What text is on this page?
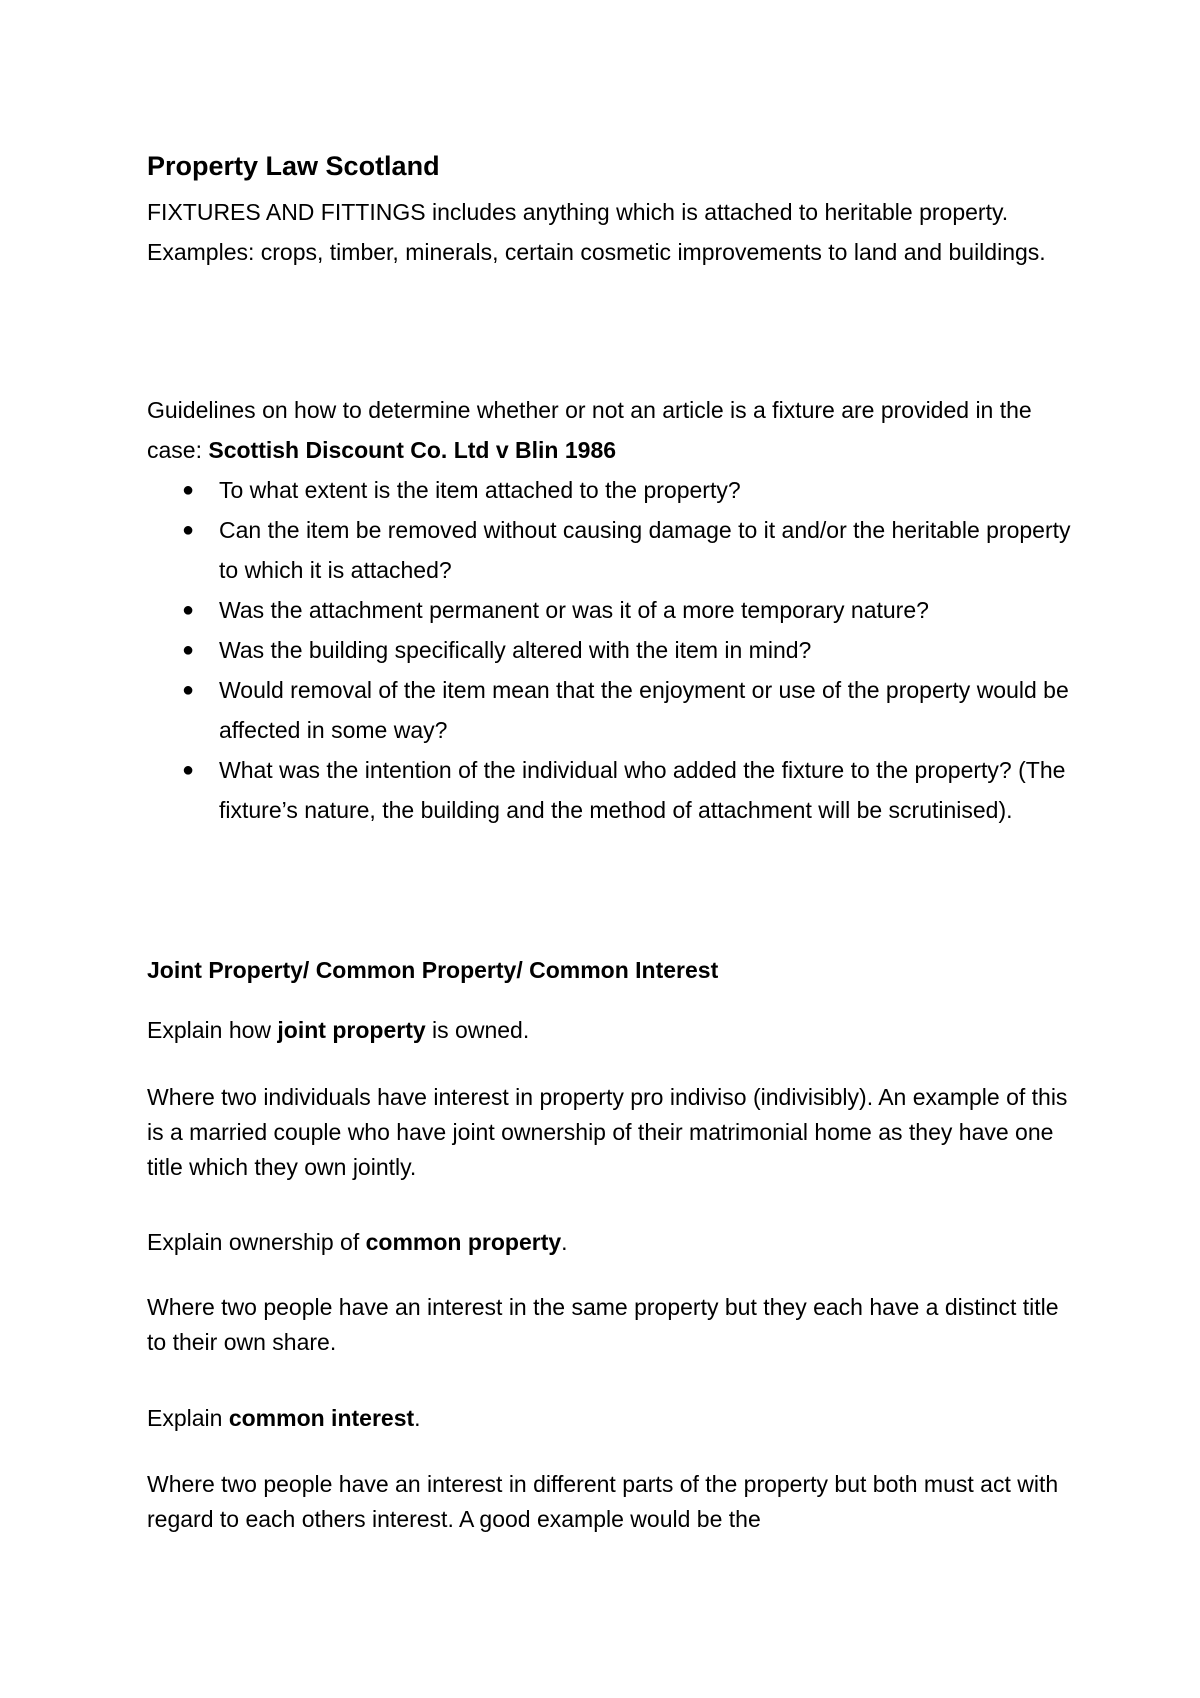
Property Law Scotland
FIXTURES AND FITTINGS includes anything which is attached to heritable property.
Examples: crops, timber, minerals, certain cosmetic improvements to land and buildings.
Guidelines on how to determine whether or not an article is a fixture are provided in the case: Scottish Discount Co. Ltd v Blin 1986
● To what extent is the item attached to the property?
● Can the item be removed without causing damage to it and/or the heritable property to which it is attached?
● Was the attachment permanent or was it of a more temporary nature?
● Was the building specifically altered with the item in mind?
● Would removal of the item mean that the enjoyment or use of the property would be affected in some way?
● What was the intention of the individual who added the fixture to the property? (The fixture’s nature, the building and the method of attachment will be scrutinised).
Joint Property/ Common Property/ Common Interest
Explain how joint property is owned.
Where two individuals have interest in property pro indiviso (indivisibly). An example of this is a married couple who have joint ownership of their matrimonial home as they have one title which they own jointly.
Explain ownership of common property.
Where two people have an interest in the same property but they each have a distinct title to their own share.
Explain common interest.
Where two people have an interest in different parts of the property but both must act with regard to each others interest. A good example would be the
